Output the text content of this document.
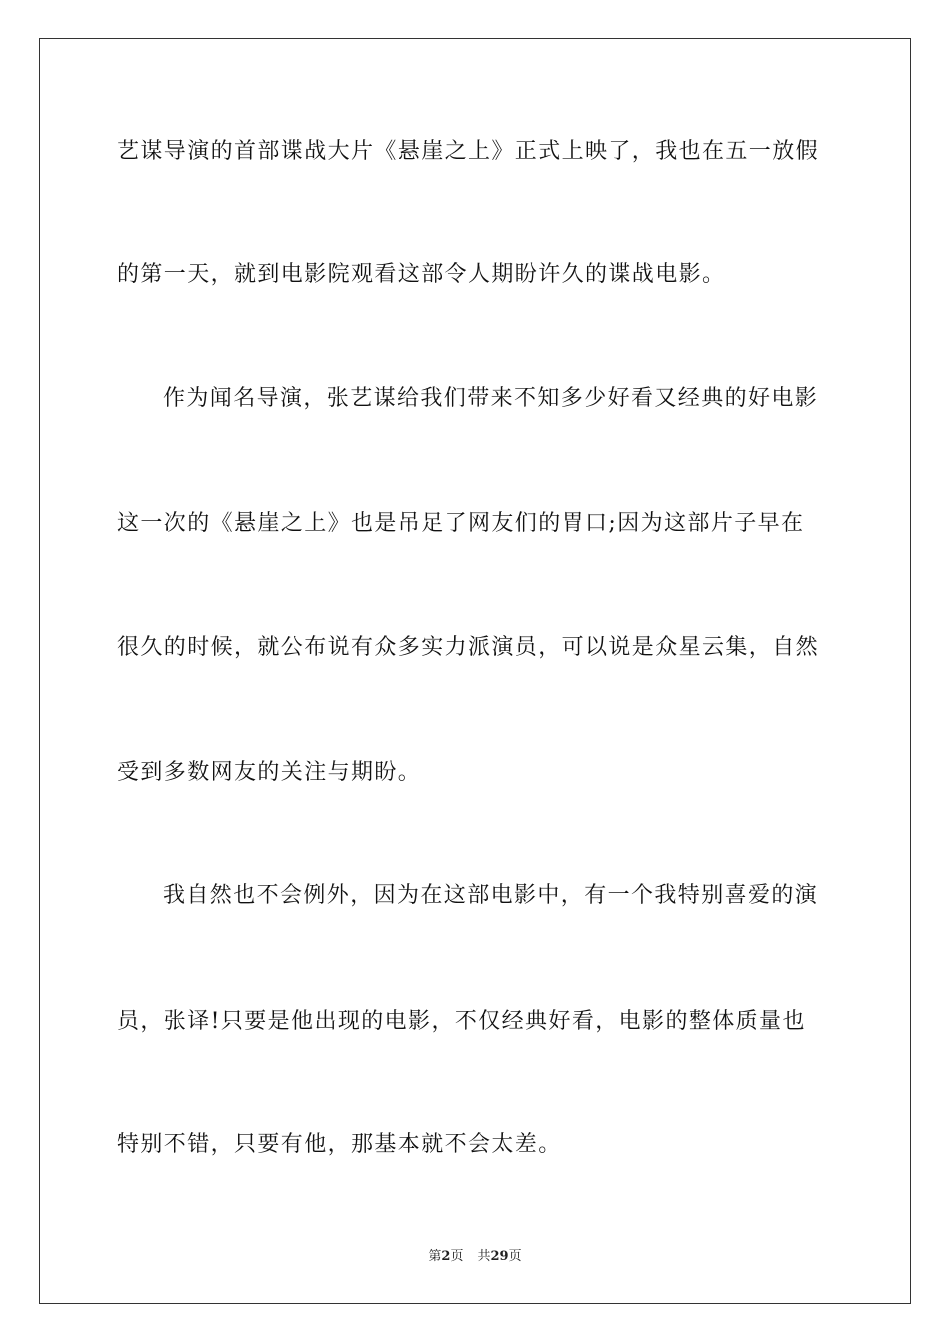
艺谋导演的首部谍战大片《悬崖之上》正式上映了，我也在五一放假
的第一天，就到电影院观看这部令人期盼许久的谍战电影。
作为闻名导演，张艺谋给我们带来不知多少好看又经典的好电影
这一次的《悬崖之上》也是吊足了网友们的胃口;因为这部片子早在
很久的时候，就公布说有众多实力派演员，可以说是众星云集，自然
受到多数网友的关注与期盼。
我自然也不会例外，因为在这部电影中，有一个我特别喜爱的演
员，张译!只要是他出现的电影，不仅经典好看，电影的整体质量也
特别不错，只要有他，那基本就不会太差。
第2页 共29页
